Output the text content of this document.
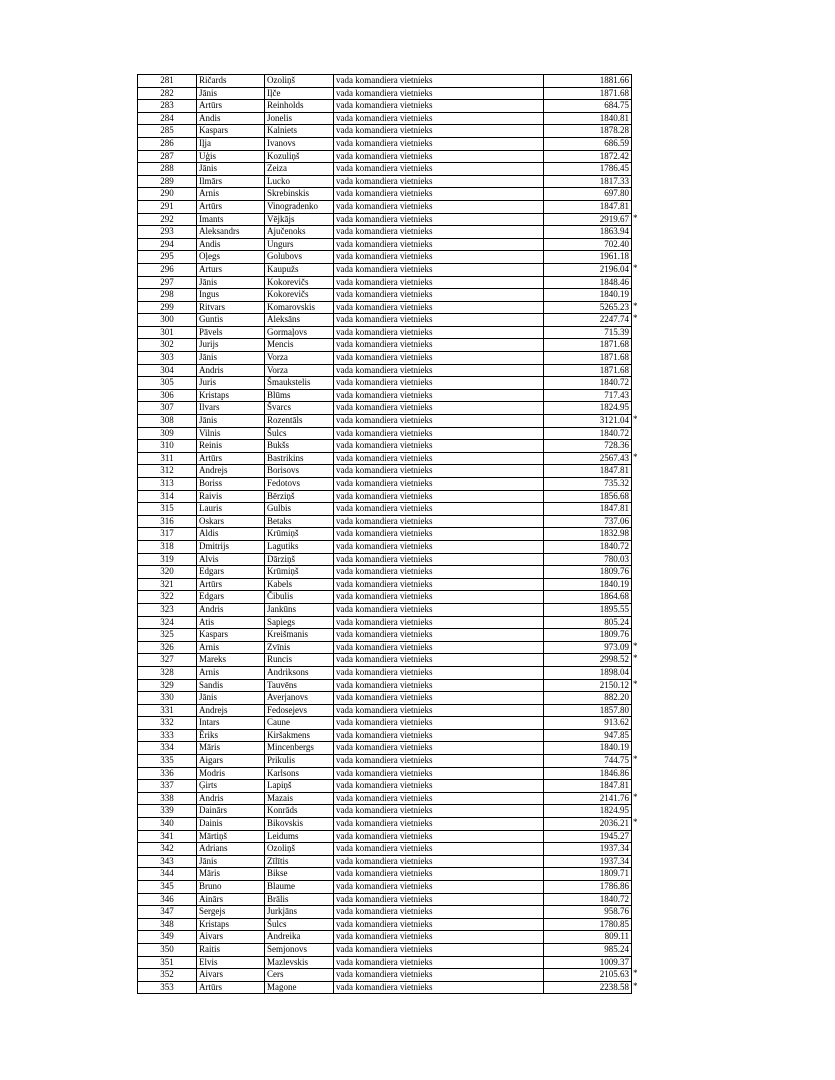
281	Ričards	Ozoliņš	vada komandiera vietnieks	1881.66
282	Jānis	Iļče	vada komandiera vietnieks	1871.68
283	Artūrs	Reinholds	vada komandiera vietnieks	684.75
284	Andis	Jonelis	vada komandiera vietnieks	1840.81
285	Kaspars	Kalniets	vada komandiera vietnieks	1878.28
286	Iļja	Ivanovs	vada komandiera vietnieks	686.59
287	Uģis	Kozuliņš	vada komandiera vietnieks	1872.42
288	Jānis	Zeiza	vada komandiera vietnieks	1786.45
289	Ilmārs	Lucko	vada komandiera vietnieks	1817.33
290	Arnis	Skrebinskis	vada komandiera vietnieks	697.80
291	Artūrs	Vinogradenko	vada komandiera vietnieks	1847.81
292	Imants	Vējkājs	vada komandiera vietnieks	2919.67 *

293	Aleksandrs	Ajučenoks	vada komandiera vietnieks	1863.94
294	Andis	Ungurs	vada komandiera vietnieks	702.40
295	Oļegs	Golubovs	vada komandiera vietnieks	1961.18
296	Arturs	Kaupužs	vada komandiera vietnieks	2196.04 *

297	Jānis	Kokorevičs	vada komandiera vietnieks	1848.46
298	Ingus	Kokorevičs	vada komandiera vietnieks	1840.19
299	Ritvars	Komarovskis	vada komandiera vietnieks	5265.23 *

300	Guntis	Aleksāns	vada komandiera vietnieks	2247.74 *

301	Pāvels	Gormaļovs	vada komandiera vietnieks	715.39
302	Jurijs	Mencis	vada komandiera vietnieks	1871.68
303	Jānis	Vorza	vada komandiera vietnieks	1871.68
304	Andris	Vorza	vada komandiera vietnieks	1871.68
305	Juris	Šmaukstelis	vada komandiera vietnieks	1840.72
306	Kristaps	Blūms	vada komandiera vietnieks	717.43
307	Ilvars	Švarcs	vada komandiera vietnieks	1824.95
308	Jānis	Rozentāls	vada komandiera vietnieks	3121.04 *

309	Vilnis	Šulcs	vada komandiera vietnieks	1840.72
310	Reinis	Bukšs	vada komandiera vietnieks	728.36
311	Artūrs	Bastrikins	vada komandiera vietnieks	2567.43 *

312	Andrejs	Borisovs	vada komandiera vietnieks	1847.81
313	Boriss	Fedotovs	vada komandiera vietnieks	735.32
314	Raivis	Bērziņš	vada komandiera vietnieks	1856.68
315	Lauris	Gulbis	vada komandiera vietnieks	1847.81
316	Oskars	Betaks	vada komandiera vietnieks	737.06
317	Aldis	Krūmiņš	vada komandiera vietnieks	1832.98
318	Dmitrijs	Lagutiks	vada komandiera vietnieks	1840.72
319	Alvis	Dārziņš	vada komandiera vietnieks	780.03
320	Edgars	Krūmiņš	vada komandiera vietnieks	1809.76
321	Artūrs	Kabels	vada komandiera vietnieks	1840.19
322	Edgars	Čibulis	vada komandiera vietnieks	1864.68
323	Andris	Jankūns	vada komandiera vietnieks	1895.55
324	Atis	Sapiegs	vada komandiera vietnieks	805.24
325	Kaspars	Kreišmanis	vada komandiera vietnieks	1809.76
326	Arnis	Zvīnis	vada komandiera vietnieks	973.09 *

327	Mareks	Runcis	vada komandiera vietnieks	2998.52 *

328	Arnis	Andriksons	vada komandiera vietnieks	1898.04
329	Sandis	Tauvēns	vada komandiera vietnieks	2150.12 *

330	Jānis	Averjanovs	vada komandiera vietnieks	882.20
331	Andrejs	Fedosejevs	vada komandiera vietnieks	1857.80
332	Intars	Caune	vada komandiera vietnieks	913.62
333	Ēriks	Kiršakmens	vada komandiera vietnieks	947.85
334	Māris	Mincenbergs	vada komandiera vietnieks	1840.19
335	Aigars	Prikulis	vada komandiera vietnieks	744.75 *

336	Modris	Karlsons	vada komandiera vietnieks	1846.86
337	Ģirts	Lapiņš	vada komandiera vietnieks	1847.81
338	Andris	Mazais	vada komandiera vietnieks	2141.76 *

339	Dainārs	Konrāds	vada komandiera vietnieks	1824.95
340	Dainis	Bikovskis	vada komandiera vietnieks	2036.21 *

341	Mārtiņš	Leidums	vada komandiera vietnieks	1945.27
342	Adrians	Ozoliņš	vada komandiera vietnieks	1937.34
343	Jānis	Zīlītis	vada komandiera vietnieks	1937.34
344	Māris	Bikse	vada komandiera vietnieks	1809.71
345	Bruno	Blaume	vada komandiera vietnieks	1786.86
346	Ainārs	Brālis	vada komandiera vietnieks	1840.72
347	Sergejs	Jurkjāns	vada komandiera vietnieks	958.76
348	Kristaps	Šulcs	vada komandiera vietnieks	1780.85
349	Aivars	Andreika	vada komandiera vietnieks	809.11
350	Raitis	Semjonovs	vada komandiera vietnieks	985.24
351	Elvis	Mazlevskis	vada komandiera vietnieks	1009.37
352	Aivars	Cers	vada komandiera vietnieks	2105.63 *

353	Artūrs	Magone	vada komandiera vietnieks	2238.58 *
